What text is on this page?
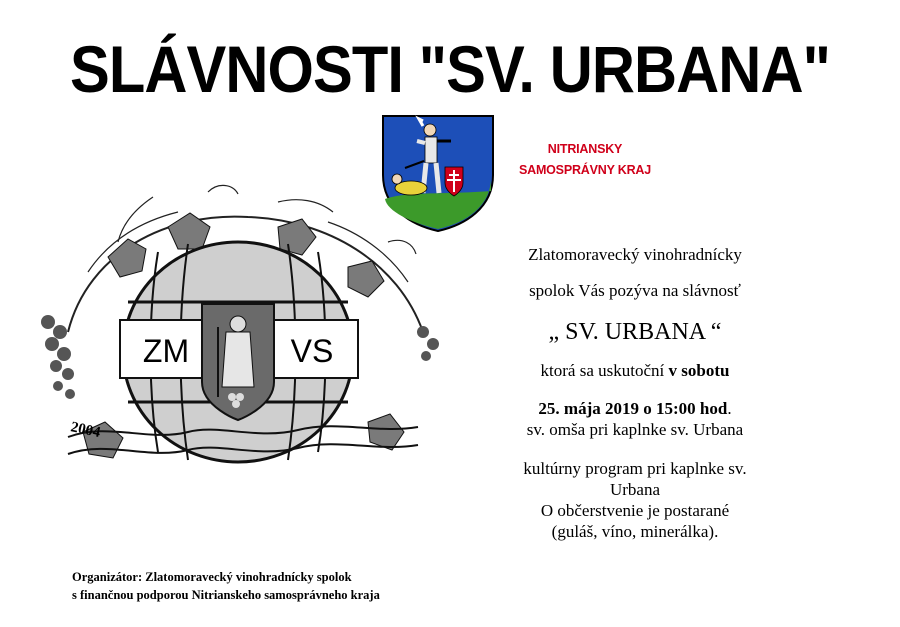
SLÁVNOSTI "SV. URBANA"
NITRIANSKY
SAMOSPRÁVNY KRAJ
ZM	VS
2004

Zlatomoravecký vinohradnícky

spolok Vás pozýva na slávnosť

„ SV. URBANA “

ktorá sa uskutoční v sobotu

25. mája 2019 o 15:00 hod.

sv. omša pri kaplnke sv. Urbana

kultúrny program pri kaplnke sv.
Urbana
O občerstvenie je postarané
(guláš, víno, minerálka).
Organizátor: Zlatomoravecký vinohradnícky spolok
s finančnou podporou Nitrianskeho samosprávneho kraja
